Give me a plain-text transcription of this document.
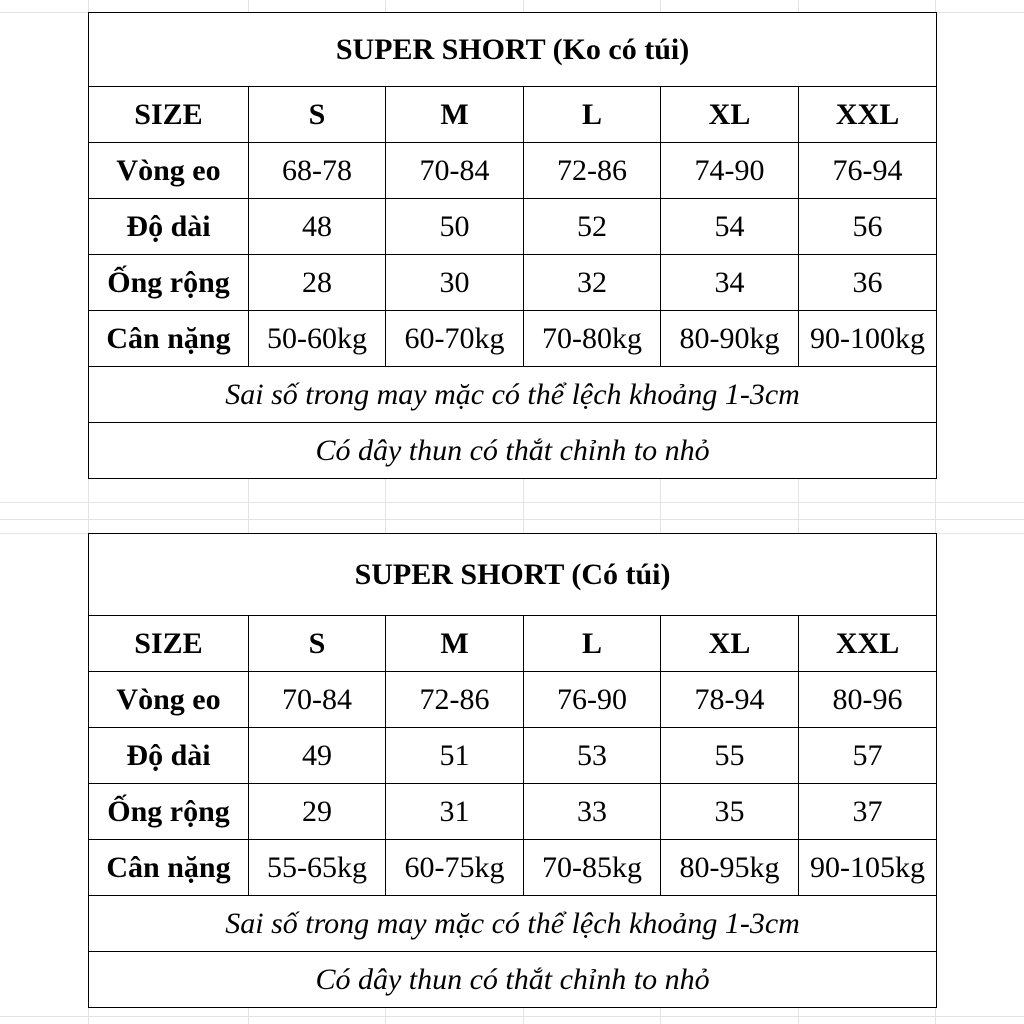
SUPER SHORT (Ko có túi)					
SIZE	S	M	L	XL	XXL
Vòng eo	68-78	70-84	72-86	74-90	76-94
Độ dài	48	50	52	54	56
Ống rộng	28	30	32	34	36
Cân nặng	50-60kg	60-70kg	70-80kg	80-90kg	90-100kg
Sai số trong may mặc có thể lệch khoảng 1-3cm					
Có dây thun có thắt chỉnh to nhỏ					
SUPER SHORT (Có túi)					
SIZE	S	M	L	XL	XXL
Vòng eo	70-84	72-86	76-90	78-94	80-96
Độ dài	49	51	53	55	57
Ống rộng	29	31	33	35	37
Cân nặng	55-65kg	60-75kg	70-85kg	80-95kg	90-105kg
Sai số trong may mặc có thể lệch khoảng 1-3cm					
Có dây thun có thắt chỉnh to nhỏ					
